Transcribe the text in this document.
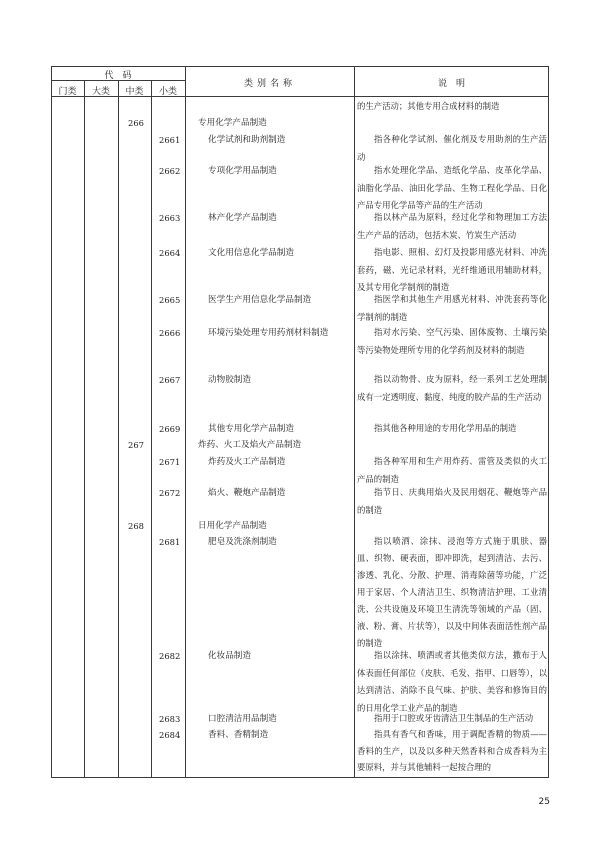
代　码
门类	大类	中类	小类
类别名称	说　明
的生产活动；其他专用合成材料的制造
266	专用化学产品制造
2661	化学试剂和助剂制造	指各种化学试剂、催化剂及专用助剂的生产活动
2662	专项化学用品制造	指水处理化学品、造纸化学品、皮革化学品、油脂化学品、油田化学品、生物工程化学品、日化产品专用化学品等产品的生产活动
2663	林产化学产品制造	指以林产品为原料，经过化学和物理加工方法生产产品的活动，包括木炭、竹炭生产活动
2664	文化用信息化学品制造	指电影、照相、幻灯及投影用感光材料、冲洗套药，磁、光记录材料，光纤维通讯用辅助材料，及其专用化学制剂的制造
2665	医学生产用信息化学品制造	指医学和其他生产用感光材料、冲洗套药等化学制剂的制造
2666	环境污染处理专用药剂材料制造	指对水污染、空气污染、固体废物、土壤污染等污染物处理所专用的化学药剂及材料的制造
2667	动物胶制造	指以动物骨、皮为原料，经一系列工艺处理制成有一定透明度、黏度、纯度的胶产品的生产活动
2669	其他专用化学产品制造	指其他各种用途的专用化学用品的制造
267	炸药、火工及焰火产品制造
2671	炸药及火工产品制造	指各种军用和生产用炸药、雷管及类似的火工产品的制造
2672	焰火、鞭炮产品制造	指节日、庆典用焰火及民用烟花、鞭炮等产品的制造
268	日用化学产品制造
2681	肥皂及洗涤剂制造	指以喷洒、涂抹、浸泡等方式施于肌肤、器皿、织物、硬表面，即冲即洗，起到清洁、去污、渗透、乳化、分散、护理、消毒除菌等功能，广泛用于家居、个人清洁卫生、织物清洁护理、工业清洗、公共设施及环境卫生清洗等领域的产品（固、液、粉、膏、片状等），以及中间体表面活性剂产品的制造
2682	化妆品制造	指以涂抹、喷洒或者其他类似方法，撒布于人体表面任何部位（皮肤、毛发、指甲、口唇等），以达到清洁、消除不良气味、护肤、美容和修饰目的的日用化学工业产品的制造
2683	口腔清洁用品制造	指用于口腔或牙齿清洁卫生制品的生产活动
2684	香料、香精制造	指具有香气和香味，用于调配香精的物质——香料的生产，以及以多种天然香料和合成香料为主要原料，并与其他辅料一起按合理的
25
